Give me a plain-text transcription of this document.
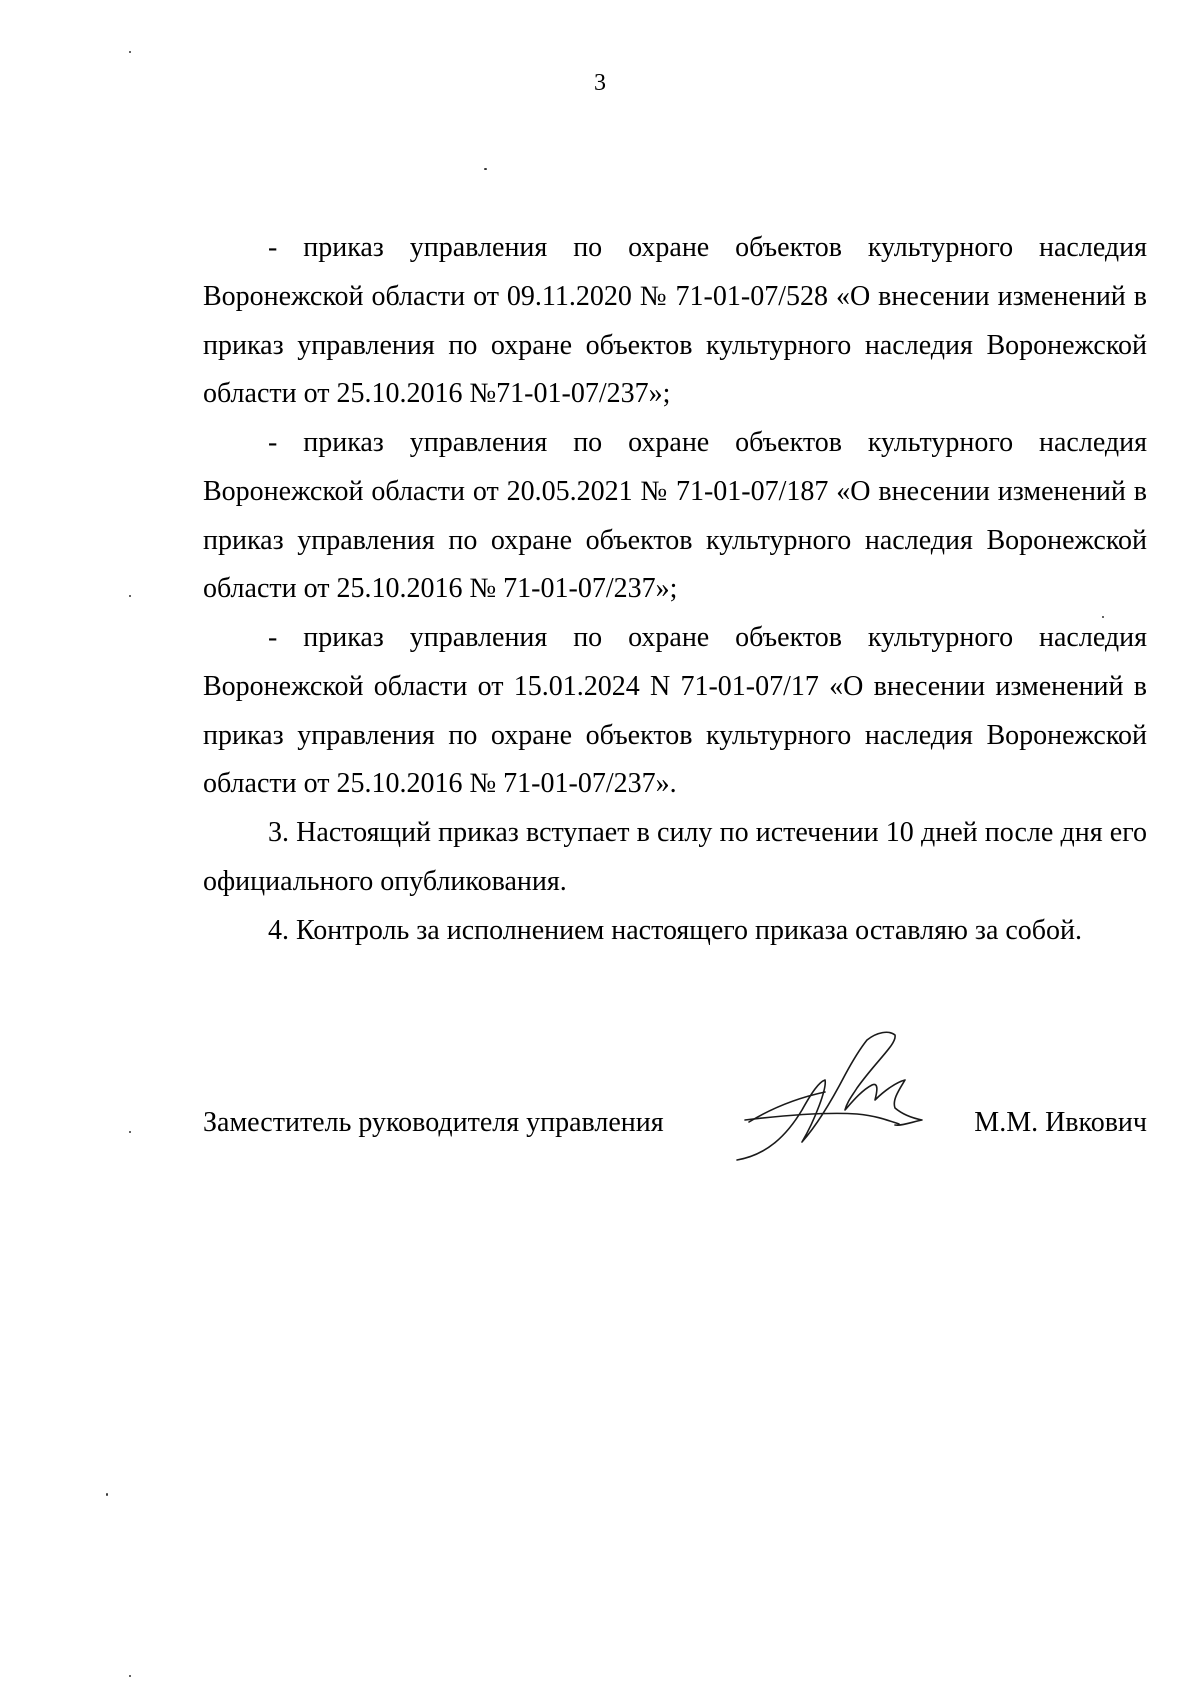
3

- приказ управления по охране объектов культурного наследия Воронежской области от 09.11.2020 № 71-01-07/528 «О внесении изменений в приказ управления по охране объектов культурного наследия Воронежской области от 25.10.2016 №71-01-07/237»;

- приказ управления по охране объектов культурного наследия Воронежской области от 20.05.2021 № 71-01-07/187 «О внесении изменений в приказ управления по охране объектов культурного наследия Воронежской области от 25.10.2016 № 71-01-07/237»;

- приказ управления по охране объектов культурного наследия Воронежской области от 15.01.2024 N 71-01-07/17 «О внесении изменений в приказ управления по охране объектов культурного наследия Воронежской области от 25.10.2016 № 71-01-07/237».

3. Настоящий приказ вступает в силу по истечении 10 дней после дня его официального опубликования.

4. Контроль за исполнением настоящего приказа оставляю за собой.

Заместитель руководителя управления	М.М. Ивкович
